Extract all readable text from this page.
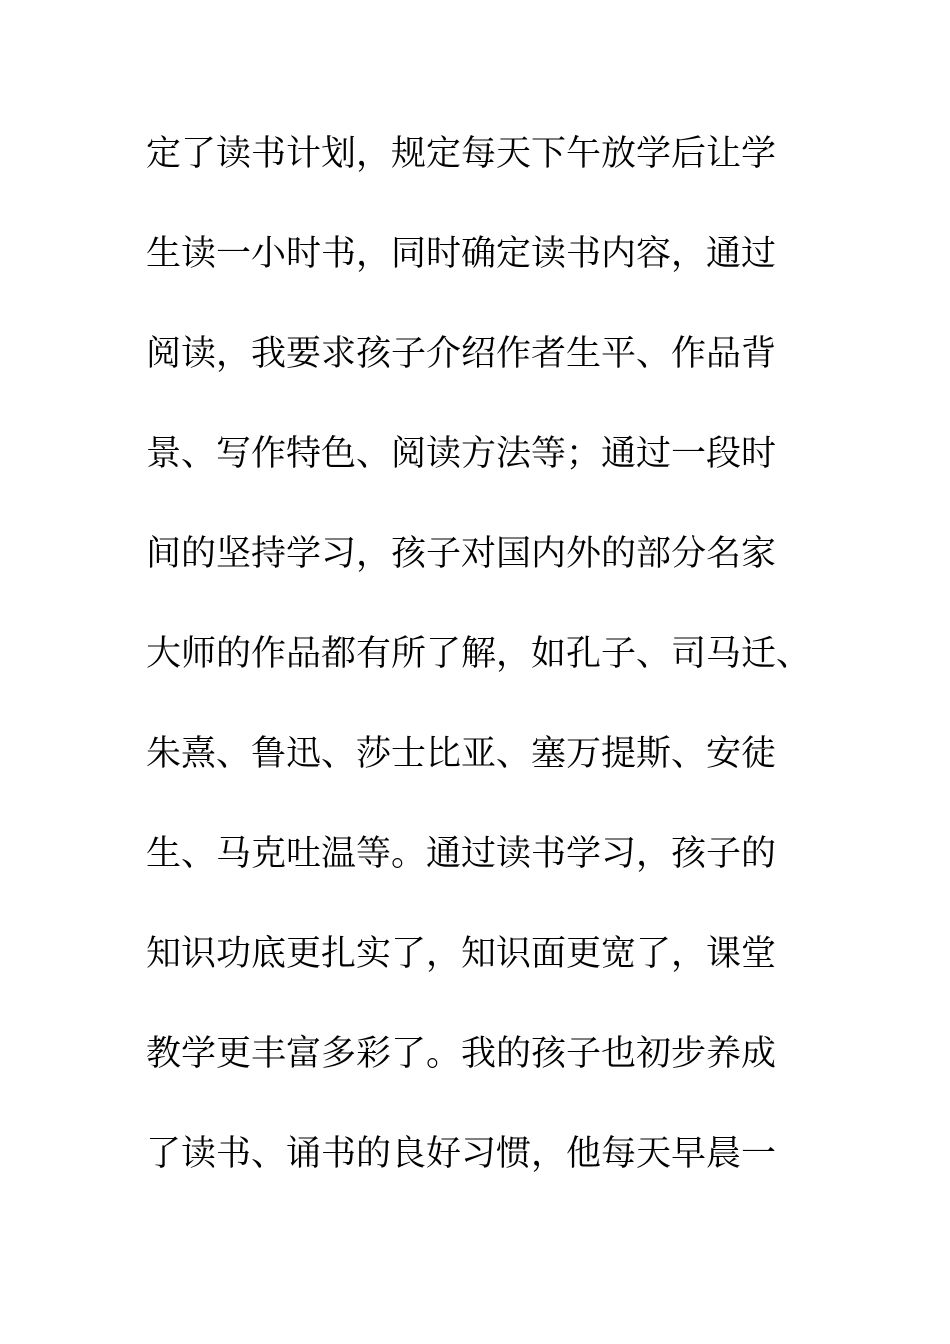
定了读书计划，规定每天下午放学后让学
生读一小时书，同时确定读书内容，通过
阅读，我要求孩子介绍作者生平、作品背
景、写作特色、阅读方法等；通过一段时
间的坚持学习，孩子对国内外的部分名家
大师的作品都有所了解，如孔子、司马迁、
朱熹、鲁迅、莎士比亚、塞万提斯、安徒
生、马克吐温等。通过读书学习，孩子的
知识功底更扎实了，知识面更宽了，课堂
教学更丰富多彩了。我的孩子也初步养成
了读书、诵书的良好习惯，他每天早晨一
